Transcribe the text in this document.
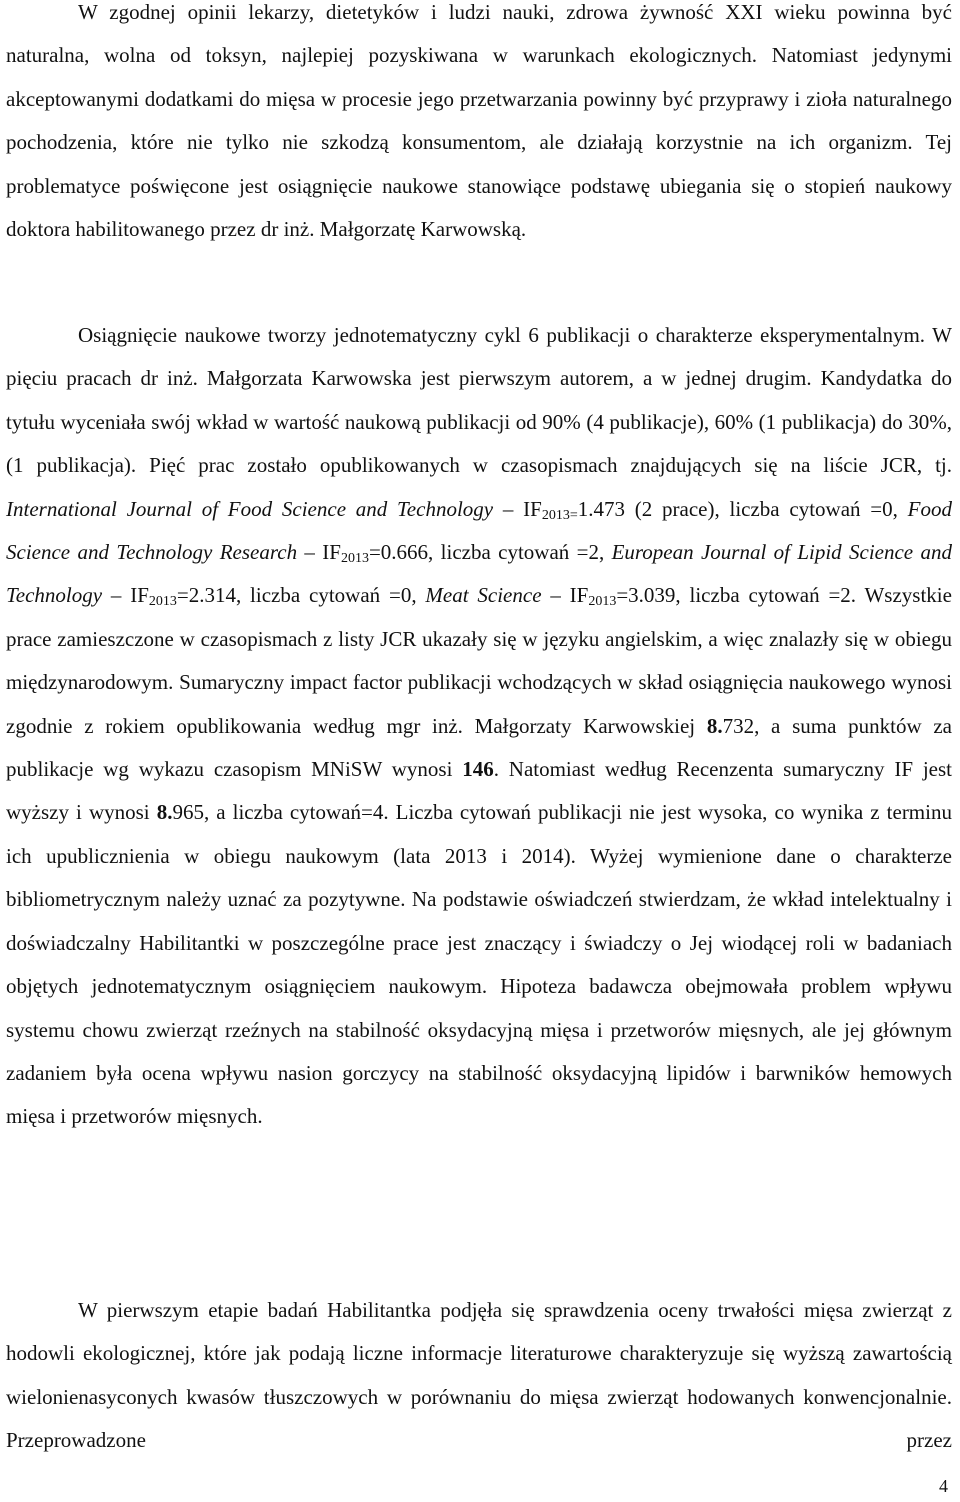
W zgodnej opinii lekarzy, dietetyków i ludzi nauki, zdrowa żywność XXI wieku powinna być naturalna, wolna od toksyn, najlepiej pozyskiwana w warunkach ekologicznych. Natomiast jedynymi akceptowanymi dodatkami do mięsa w procesie jego przetwarzania powinny być przyprawy i zioła naturalnego pochodzenia, które nie tylko nie szkodzą konsumentom, ale działają korzystnie na ich organizm. Tej problematyce poświęcone jest osiągnięcie naukowe stanowiące podstawę ubiegania się o stopień naukowy doktora habilitowanego przez dr inż. Małgorzatę Karwowską.

Osiągnięcie naukowe tworzy jednotematyczny cykl 6 publikacji o charakterze eksperymentalnym. W pięciu pracach dr inż. Małgorzata Karwowska jest pierwszym autorem, a w jednej drugim. Kandydatka do tytułu wyceniała swój wkład w wartość naukową publikacji od 90% (4 publikacje), 60% (1 publikacja) do 30%, (1 publikacja). Pięć prac zostało opublikowanych w czasopismach znajdujących się na liście JCR, tj. International Journal of Food Science and Technology – $IF_{2013=}1.473$ (2 prace), liczba cytowań =0, Food Science and Technology Research – $IF_{2013}=0.666$, liczba cytowań =2, European Journal of Lipid Science and Technology – $IF_{2013}=2.314$, liczba cytowań =0, Meat Science – $IF_{2013}=3.039$, liczba cytowań =2. Wszystkie prace zamieszczone w czasopismach z listy JCR ukazały się w języku angielskim, a więc znalazły się w obiegu międzynarodowym. Sumaryczny impact factor publikacji wchodzących w skład osiągnięcia naukowego wynosi zgodnie z rokiem opublikowania według mgr inż. Małgorzaty Karwowskiej 8.732, a suma punktów za publikacje wg wykazu czasopism MNiSW wynosi 146. Natomiast według Recenzenta sumaryczny IF jest wyższy i wynosi 8.965, a liczba cytowań=4. Liczba cytowań publikacji nie jest wysoka, co wynika z terminu ich upublicznienia w obiegu naukowym (lata 2013 i 2014). Wyżej wymienione dane o charakterze bibliometrycznym należy uznać za pozytywne. Na podstawie oświadczeń stwierdzam, że wkład intelektualny i doświadczalny Habilitantki w poszczególne prace jest znaczący i świadczy o Jej wiodącej roli w badaniach objętych jednotematycznym osiągnięciem naukowym. Hipoteza badawcza obejmowała problem wpływu systemu chowu zwierząt rzeźnych na stabilność oksydacyjną mięsa i przetworów mięsnych, ale jej głównym zadaniem była ocena wpływu nasion gorczycy na stabilność oksydacyjną lipidów i barwników hemowych mięsa i przetworów mięsnych.

W pierwszym etapie badań Habilitantka podjęła się sprawdzenia oceny trwałości mięsa zwierząt z hodowli ekologicznej, które jak podają liczne informacje literaturowe charakteryzuje się wyższą zawartością wielonienasyconych kwasów tłuszczowych w porównaniu do mięsa zwierząt hodowanych konwencjonalnie. Przeprowadzone przez

4
